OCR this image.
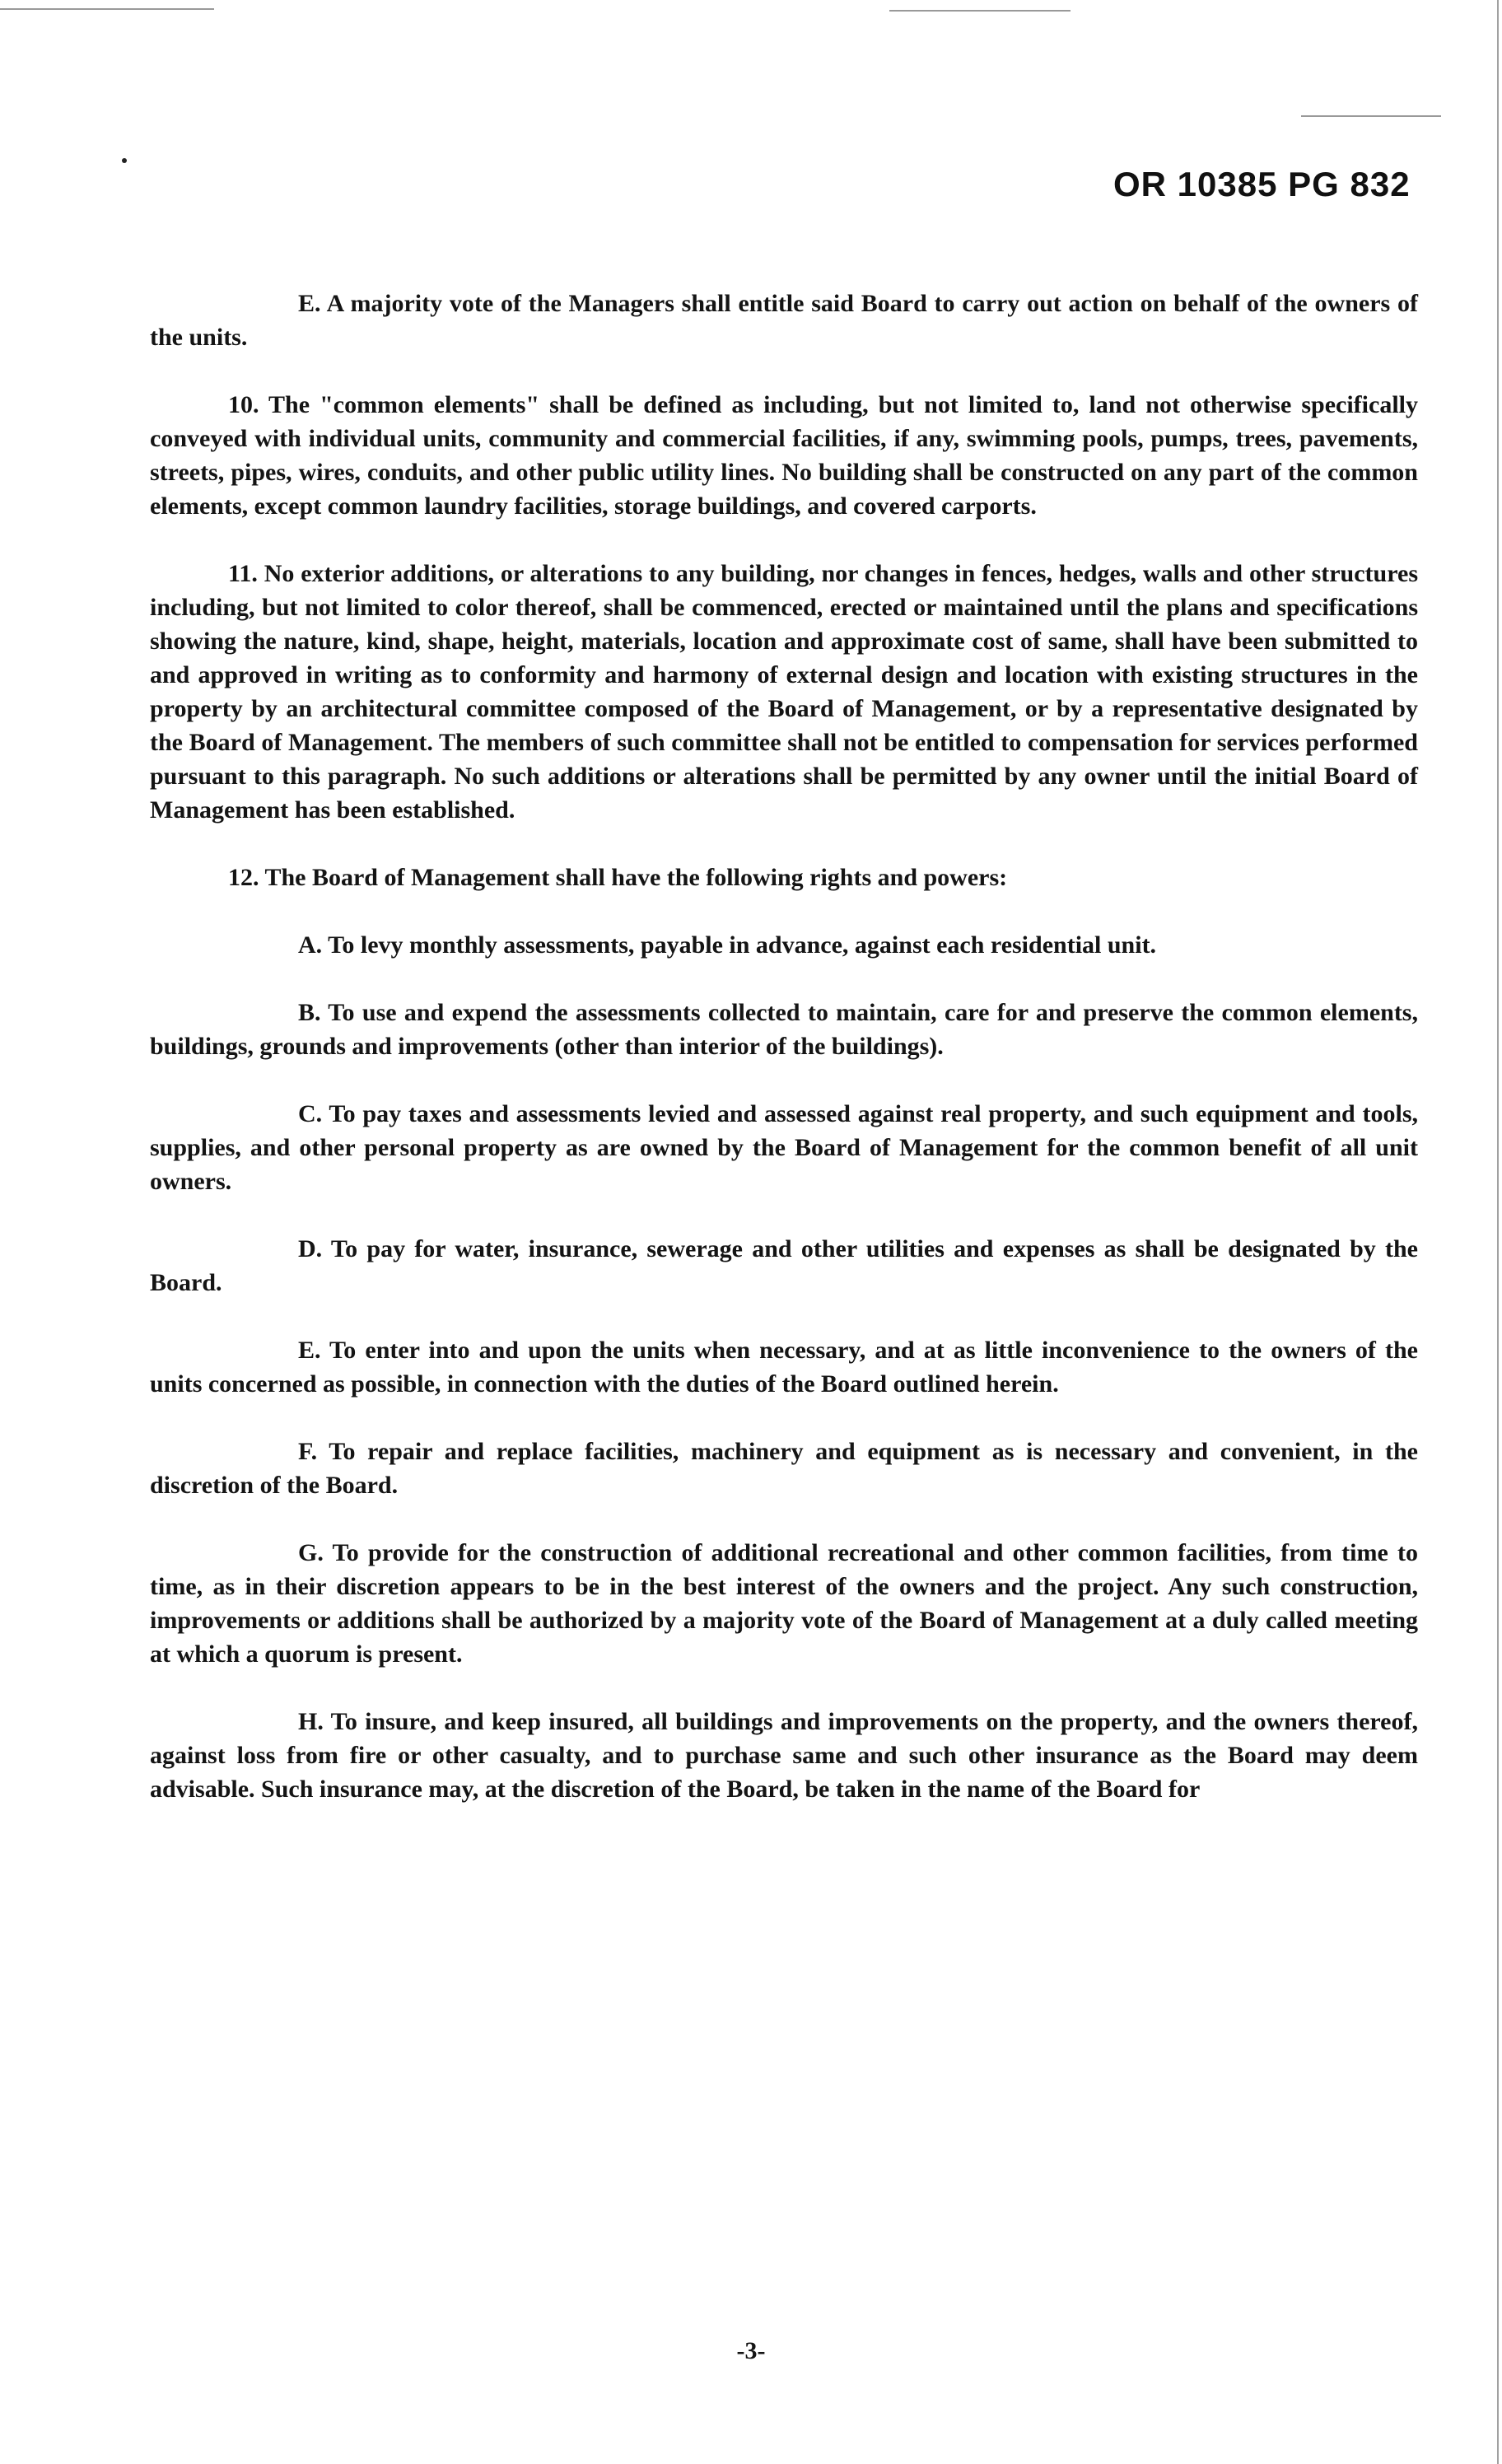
OR 10385 PG 832

E. A majority vote of the Managers shall entitle said Board to carry out action on behalf of the owners of the units.

10. The "common elements" shall be defined as including, but not limited to, land not otherwise specifically conveyed with individual units, community and commercial facilities, if any, swimming pools, pumps, trees, pavements, streets, pipes, wires, conduits, and other public utility lines. No building shall be constructed on any part of the common elements, except common laundry facilities, storage buildings, and covered carports.

11. No exterior additions, or alterations to any building, nor changes in fences, hedges, walls and other structures including, but not limited to color thereof, shall be commenced, erected or maintained until the plans and specifications showing the nature, kind, shape, height, materials, location and approximate cost of same, shall have been submitted to and approved in writing as to conformity and harmony of external design and location with existing structures in the property by an architectural committee composed of the Board of Management, or by a representative designated by the Board of Management. The members of such committee shall not be entitled to compensation for services performed pursuant to this paragraph. No such additions or alterations shall be permitted by any owner until the initial Board of Management has been established.

12. The Board of Management shall have the following rights and powers:

A. To levy monthly assessments, payable in advance, against each residential unit.

B. To use and expend the assessments collected to maintain, care for and preserve the common elements, buildings, grounds and improvements (other than interior of the buildings).

C. To pay taxes and assessments levied and assessed against real property, and such equipment and tools, supplies, and other personal property as are owned by the Board of Management for the common benefit of all unit owners.

D. To pay for water, insurance, sewerage and other utilities and expenses as shall be designated by the Board.

E. To enter into and upon the units when necessary, and at as little inconvenience to the owners of the units concerned as possible, in connection with the duties of the Board outlined herein.

F. To repair and replace facilities, machinery and equipment as is necessary and convenient, in the discretion of the Board.

G. To provide for the construction of additional recreational and other common facilities, from time to time, as in their discretion appears to be in the best interest of the owners and the project. Any such construction, improvements or additions shall be authorized by a majority vote of the Board of Management at a duly called meeting at which a quorum is present.

H. To insure, and keep insured, all buildings and improvements on the property, and the owners thereof, against loss from fire or other casualty, and to purchase same and such other insurance as the Board may deem advisable. Such insurance may, at the discretion of the Board, be taken in the name of the Board for

-3-
